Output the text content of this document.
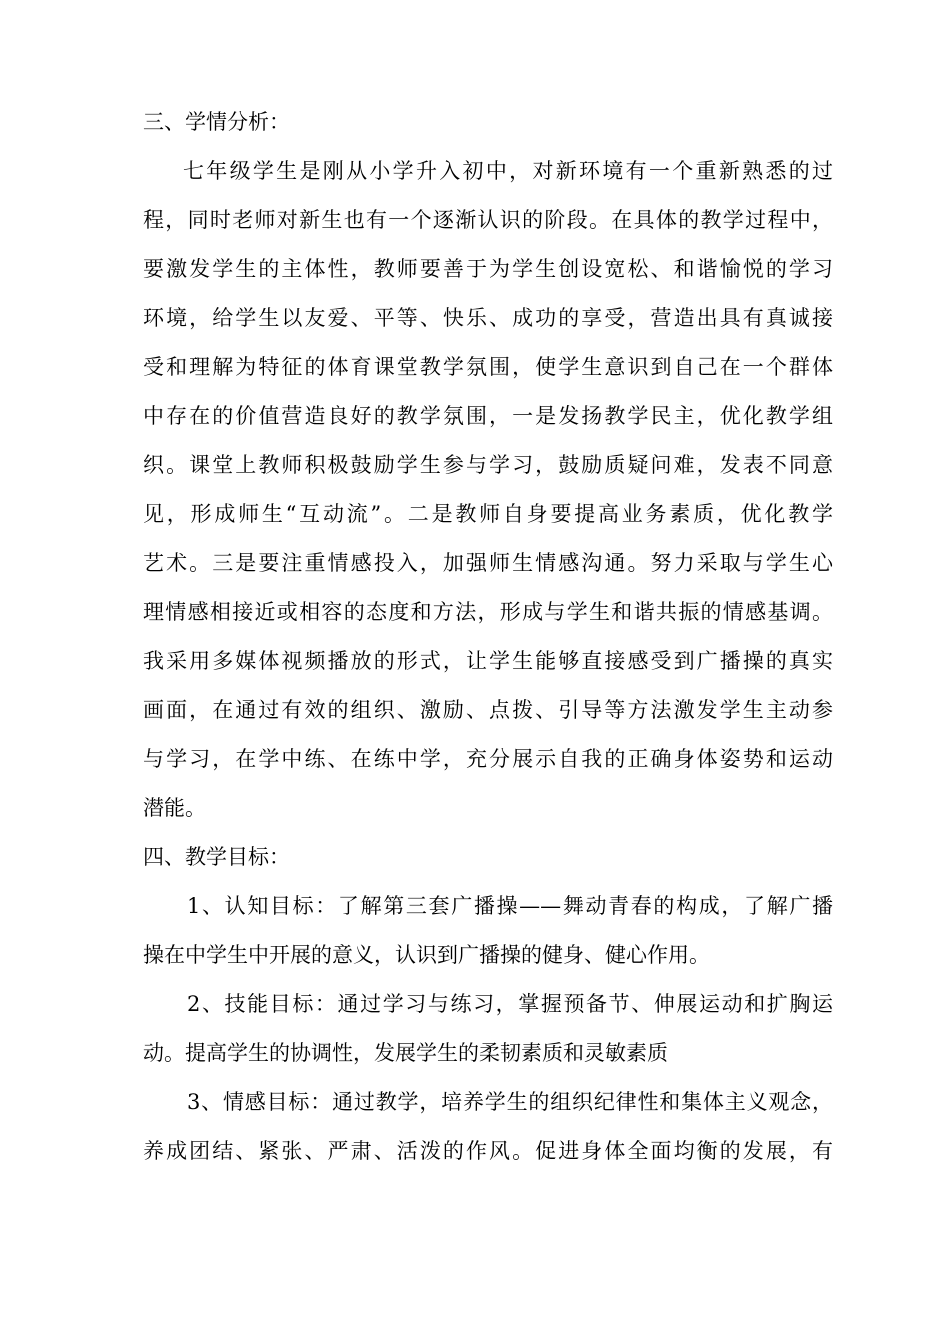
三、学情分析：
七年级学生是刚从小学升入初中，对新环境有一个重新熟悉的过
程，同时老师对新生也有一个逐渐认识的阶段。在具体的教学过程中，
要激发学生的主体性，教师要善于为学生创设宽松、和谐愉悦的学习
环境，给学生以友爱、平等、快乐、成功的享受，营造出具有真诚接
受和理解为特征的体育课堂教学氛围，使学生意识到自己在一个群体
中存在的价值营造良好的教学氛围，一是发扬教学民主，优化教学组
织。课堂上教师积极鼓励学生参与学习，鼓励质疑问难，发表不同意
见，形成师生“互动流”。二是教师自身要提高业务素质，优化教学
艺术。三是要注重情感投入，加强师生情感沟通。努力采取与学生心
理情感相接近或相容的态度和方法，形成与学生和谐共振的情感基调。
我采用多媒体视频播放的形式，让学生能够直接感受到广播操的真实
画面，在通过有效的组织、激励、点拨、引导等方法激发学生主动参
与学习，在学中练、在练中学，充分展示自我的正确身体姿势和运动
潜能。
四、教学目标：
1、认知目标：了解第三套广播操——舞动青春的构成，了解广播
操在中学生中开展的意义，认识到广播操的健身、健心作用。
2、技能目标：通过学习与练习，掌握预备节、伸展运动和扩胸运
动。提高学生的协调性，发展学生的柔韧素质和灵敏素质
3、情感目标：通过教学，培养学生的组织纪律性和集体主义观念，
养成团结、紧张、严肃、活泼的作风。促进身体全面均衡的发展，有
